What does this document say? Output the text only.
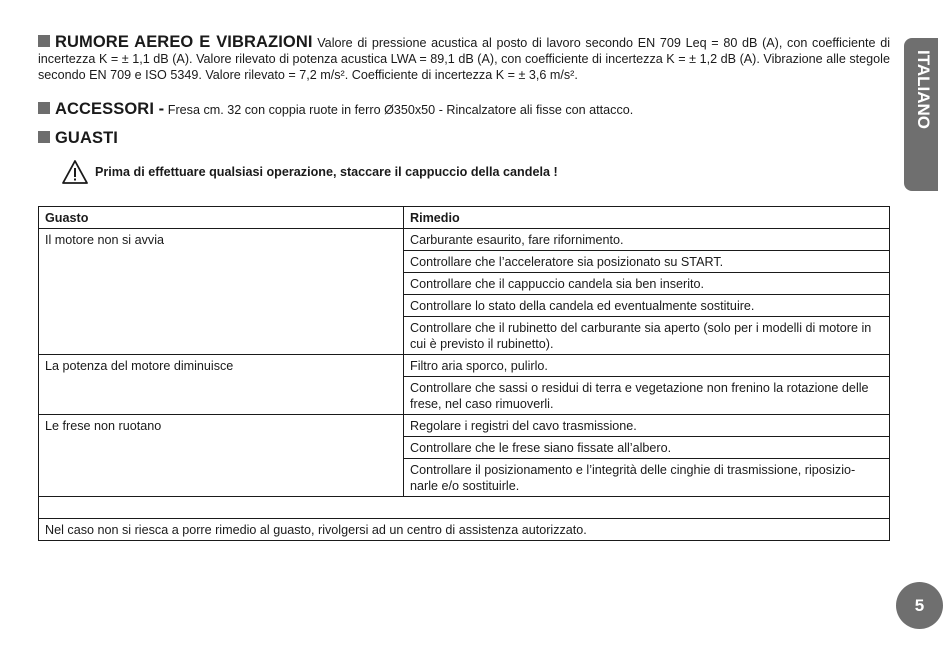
RUMORE AEREO E VIBRAZIONI Valore di pressione acustica al posto di lavoro secondo EN 709 Leq = 80 dB (A), con coefficiente di incertezza K = ± 1,1 dB (A). Valore rilevato di potenza acustica LWA = 89,1 dB (A), con coefficiente di incertezza K = ± 1,2 dB (A). Vibrazione alle stegole secondo EN 709 e ISO 5349. Valore rilevato = 7,2 m/s². Coefficiente di incertezza K = ± 3,6 m/s².

ACCESSORI - Fresa cm. 32 con coppia ruote in ferro Ø350x50 - Rincalzatore ali fisse con attacco.

GUASTI

Prima di effettuare qualsiasi operazione, staccare il cappuccio della candela !
Guasto	Rimedio
Il motore non si avvia	Carburante esaurito, fare rifornimento.
	Controllare che l’acceleratore sia posizionato su START.
	Controllare che il cappuccio candela sia ben inserito.
	Controllare lo stato della candela ed eventualmente sostituire.
	Controllare che il rubinetto del carburante sia aperto (solo per i modelli di motore in cui è previsto il rubinetto).
La potenza del motore diminuisce	Filtro aria sporco, pulirlo.
	Controllare che sassi o residui di terra e vegetazione non frenino la rotazione delle frese, nel caso rimuoverli.
Le frese non ruotano	Regolare i registri del cavo trasmissione.
	Controllare che le frese siano fissate all’albero.
	Controllare il posizionamento e l’integrità delle cinghie di trasmissione, riposizio-narle e/o sostituirle.

Nel caso non si riesca a porre rimedio al guasto, rivolgersi ad un centro di assistenza autorizzato.	
ITALIANO
5
